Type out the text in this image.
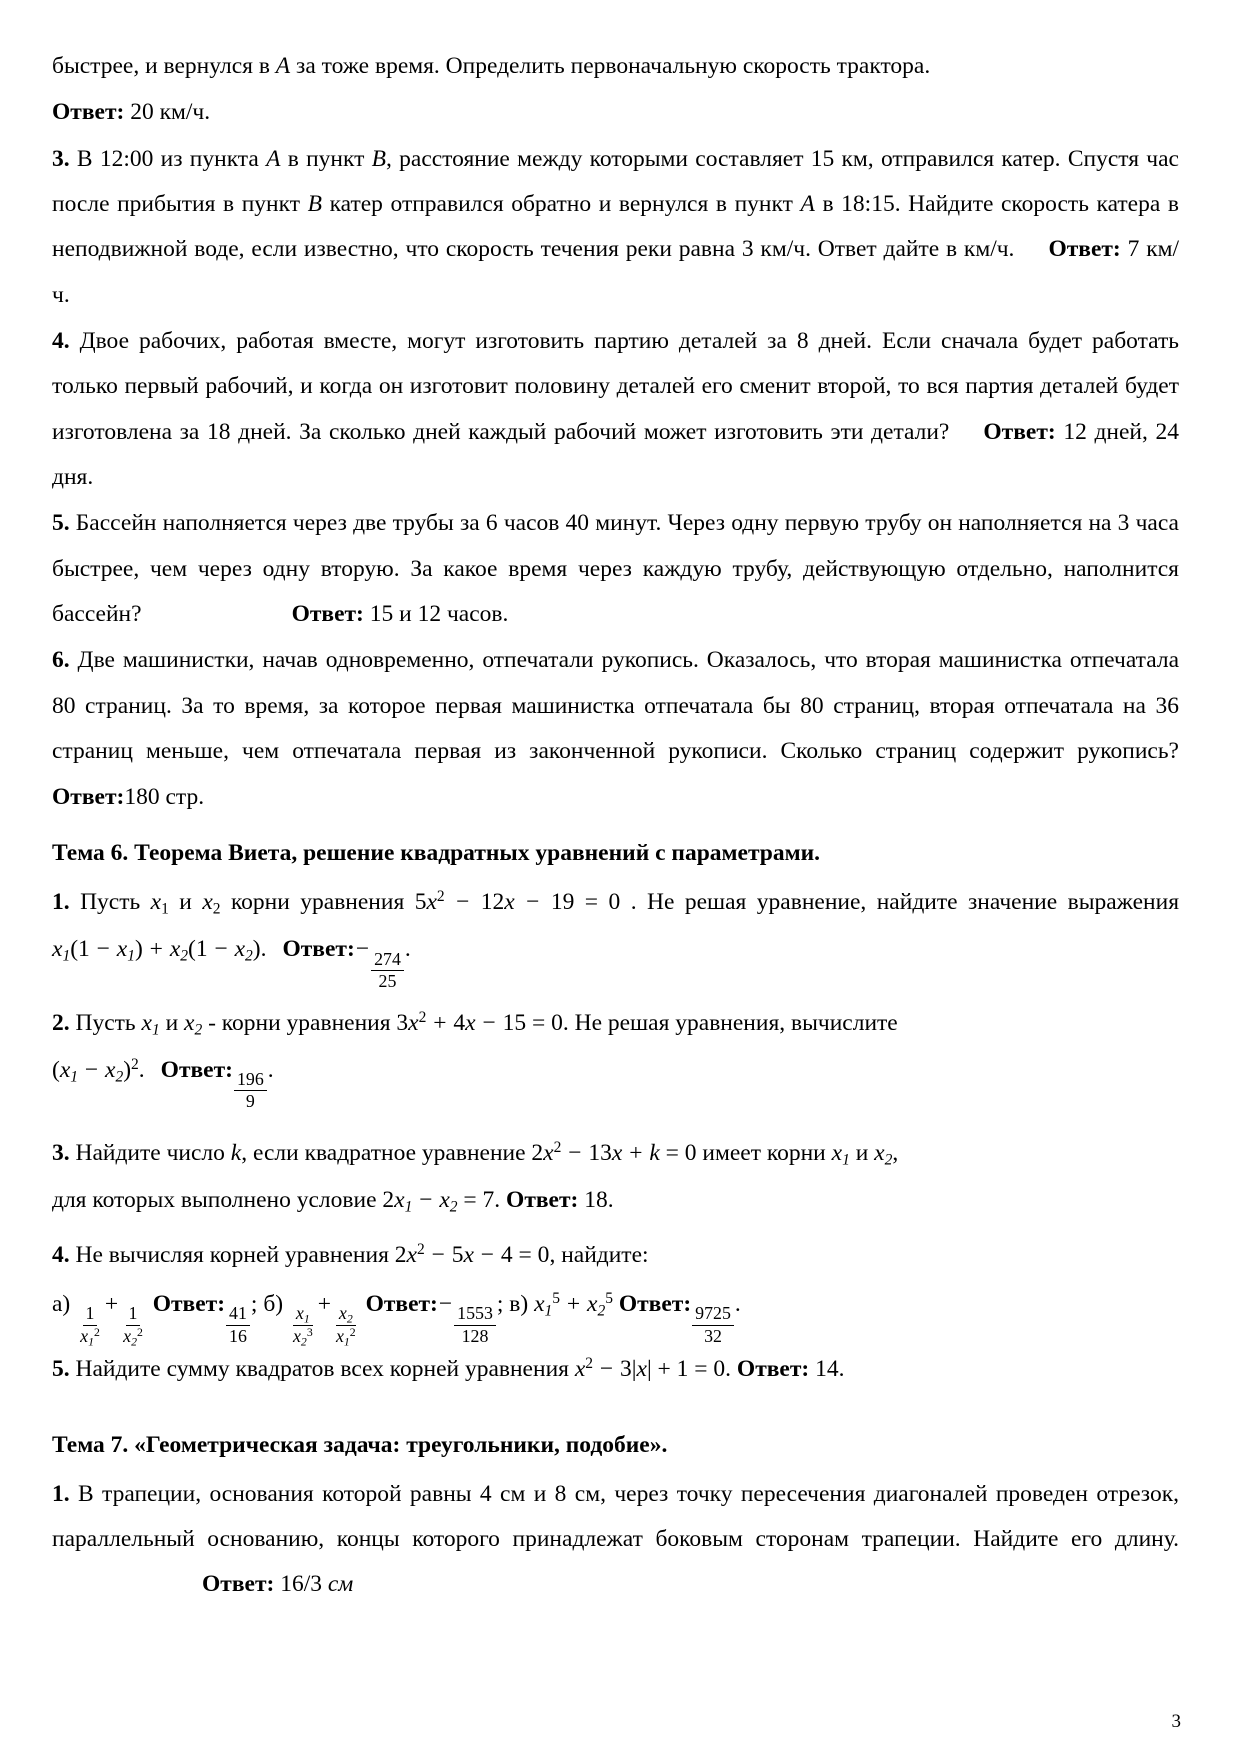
быстрее, и вернулся в A за тоже время. Определить первоначальную скорость трактора.

Ответ: 20 км/ч.

3. В 12:00 из пункта A в пункт B, расстояние между которыми составляет 15 км, отправился катер. Спустя час после прибытия в пункт B катер отправился обратно и вернулся в пункт A в 18:15. Найдите скорость катера в неподвижной воде, если известно, что скорость течения реки равна 3 км/ч. Ответ дайте в км/ч. Ответ: 7 км/ч.

4. Двое рабочих, работая вместе, могут изготовить партию деталей за 8 дней. Если сначала будет работать только первый рабочий, и когда он изготовит половину деталей его сменит второй, то вся партия деталей будет изготовлена за 18 дней. За сколько дней каждый рабочий может изготовить эти детали? Ответ: 12 дней, 24 дня.

5. Бассейн наполняется через две трубы за 6 часов 40 минут. Через одну первую трубу он наполняется на 3 часа быстрее, чем через одну вторую. За какое время через каждую трубу, действующую отдельно, наполнится бассейн?	Ответ: 15 и 12 часов.

6. Две машинистки, начав одновременно, отпечатали рукопись. Оказалось, что вторая машинистка отпечатала 80 страниц. За то время, за которое первая машинистка отпечатала бы 80 страниц, вторая отпечатала на 36 страниц меньше, чем отпечатала первая из законченной рукописи. Сколько страниц содержит рукопись? Ответ:180 стр.

Тема 6. Теорема Виета, решение квадратных уравнений с параметрами.

1. Пусть $x_1$ и $x_2$ корни уравнения $5x^2 - 12x - 19 = 0$ . Не решая уравнение, найдите значение выражения $x_1(1 - x_1) + x_2(1 - x_2)$. Ответ:−
$\frac{274}{25}$
.

2. Пусть $x_1$ и $x_2$ - корни уравнения $3x^2 + 4x - 15 = 0$. Не решая уравнения, вычислите
$(x_1 - x_2)^2$. Ответ:
$\frac{196}{9}$
.

3. Найдите число k, если квадратное уравнение $2x^2 - 13x + k = 0$ имеет корни $x_1$ и $x_2$,
для которых выполнено условие $2x_1 - x_2 = 7$. Ответ: 18.

4. Не вычисляя корней уравнения $2x^2 - 5x - 4 = 0$, найдите:

а)
$\frac{1}{x_1^2}$
+
$\frac{1}{x_2^2}$
Ответ:
$\frac{41}{16}$
; б)
$\frac{x_1}{x_2^3}$
+
$\frac{x_2}{x_1^2}$
Ответ:−
$\frac{1553}{128}$
; в) $x_1^5 + x_2^5$ Ответ:
$\frac{9725}{32}$
.

5. Найдите сумму квадратов всех корней уравнения $x^2 - 3|x| + 1 = 0$. Ответ: 14.

Тема 7. «Геометрическая задача: треугольники, подобие».

1. В трапеции, основания которой равны 4 см и 8 см, через точку пересечения диагоналей проведен отрезок, параллельный основанию, концы которого принадлежат боковым сторонам трапеции. Найдите его длину.Ответ: 16/3 см

3
